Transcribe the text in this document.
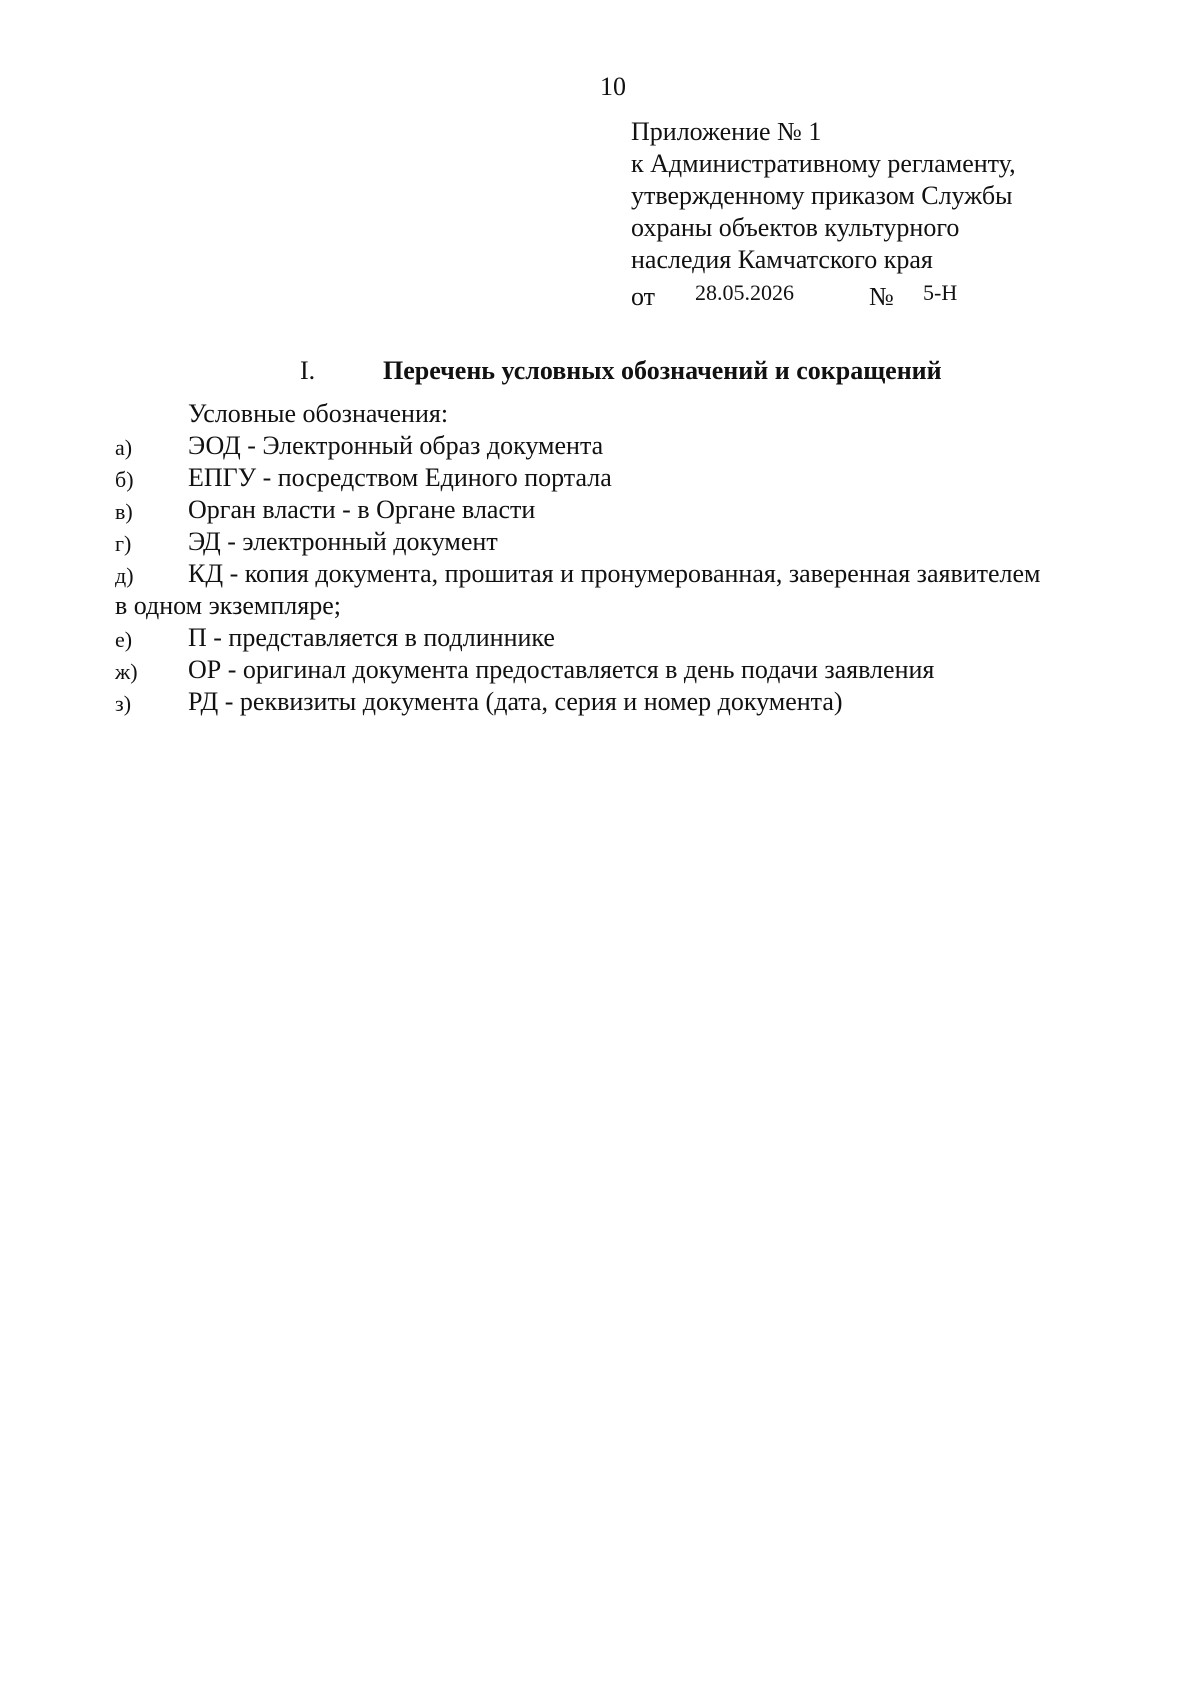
10
Приложение № 1
к Административному регламенту,
утвержденному приказом Службы
охраны объектов культурного
наследия Камчатского края
от 28.05.2026	№ 5-Н
I.	Перечень условных обозначений и сокращений
Условные обозначения:
а)	ЭОД - Электронный образ документа
б)	ЕПГУ - посредством Единого портала
в)	Орган власти - в Органе власти
г)	ЭД - электронный документ
д)	КД - копия документа, прошитая и пронумерованная, заверенная заявителем
в одном экземпляре;
е)	П - представляется в подлиннике
ж)	ОР - оригинал документа предоставляется в день подачи заявления
з)	РД - реквизиты документа (дата, серия и номер документа)
